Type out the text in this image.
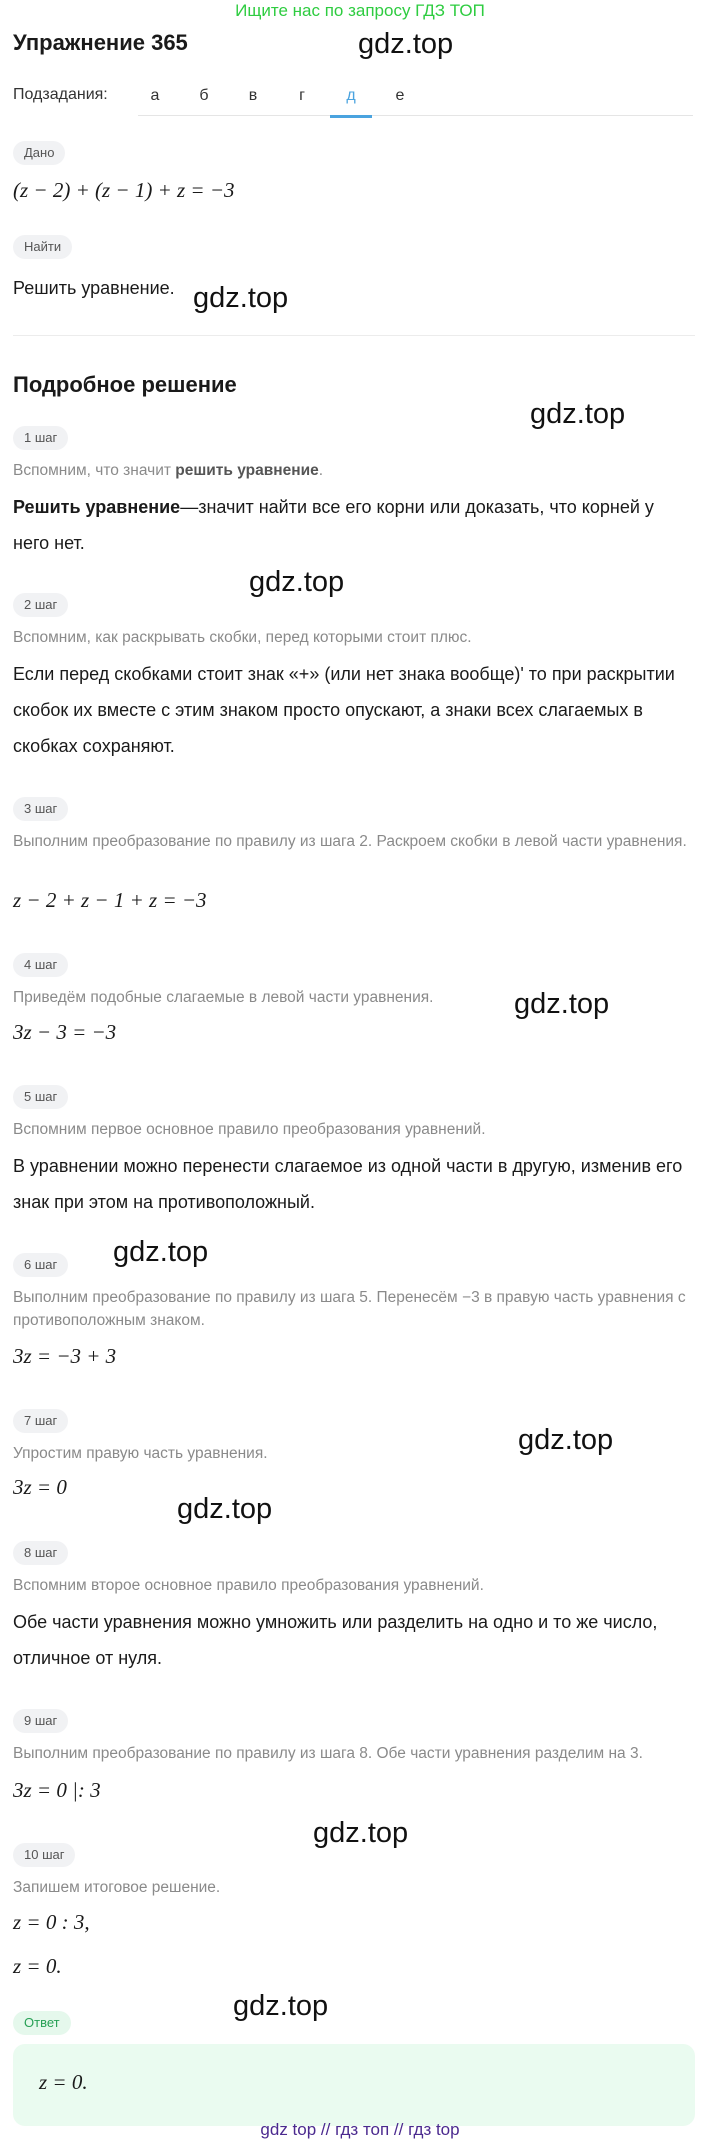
Ищите нас по запросу ГДЗ ТОП
Упражнение 365	gdz.top
Подзадания:	а	б	в	г	д	е
Дано
(z − 2) + (z − 1) + z = −3
Найти
Решить уравнение. gdz.top
Подробное решение
gdz.top
1 шаг
Вспомним, что значит решить уравнение.
Решить уравнение—значит найти все его корни или доказать, что корней у него нет.
gdz.top
2 шаг
Вспомним, как раскрывать скобки, перед которыми стоит плюс.
Если перед скобками стоит знак «+» (или нет знака вообще)' то при раскрытии скобок их вместе с этим знаком просто опускают, а знаки всех слагаемых в скобках сохраняют.
3 шаг
Выполним преобразование по правилу из шага 2. Раскроем скобки в левой части уравнения.
z − 2 + z − 1 + z = −3
4 шаг
Приведём подобные слагаемые в левой части уравнения.
3z − 3 = −3
gdz.top
5 шаг
Вспомним первое основное правило преобразования уравнений.
В уравнении можно перенести слагаемое из одной части в другую, изменив его знак при этом на противоположный.
gdz.top
6 шаг
Выполним преобразование по правилу из шага 5. Перенесём −3 в правую часть уравнения с противоположным знаком.
3z = −3 + 3
7 шаг
Упростим правую часть уравнения.	gdz.top
3z = 0
gdz.top
8 шаг
Вспомним второе основное правило преобразования уравнений.
Обе части уравнения можно умножить или разделить на одно и то же число, отличное от нуля.
9 шаг
Выполним преобразование по правилу из шага 8. Обе части уравнения разделим на 3.
3z = 0 |: 3
gdz.top
10 шаг
Запишем итоговое решение.
z = 0 : 3,
z = 0.
gdz.top
Ответ
z = 0.
gdz top // гдз топ // гдз top
